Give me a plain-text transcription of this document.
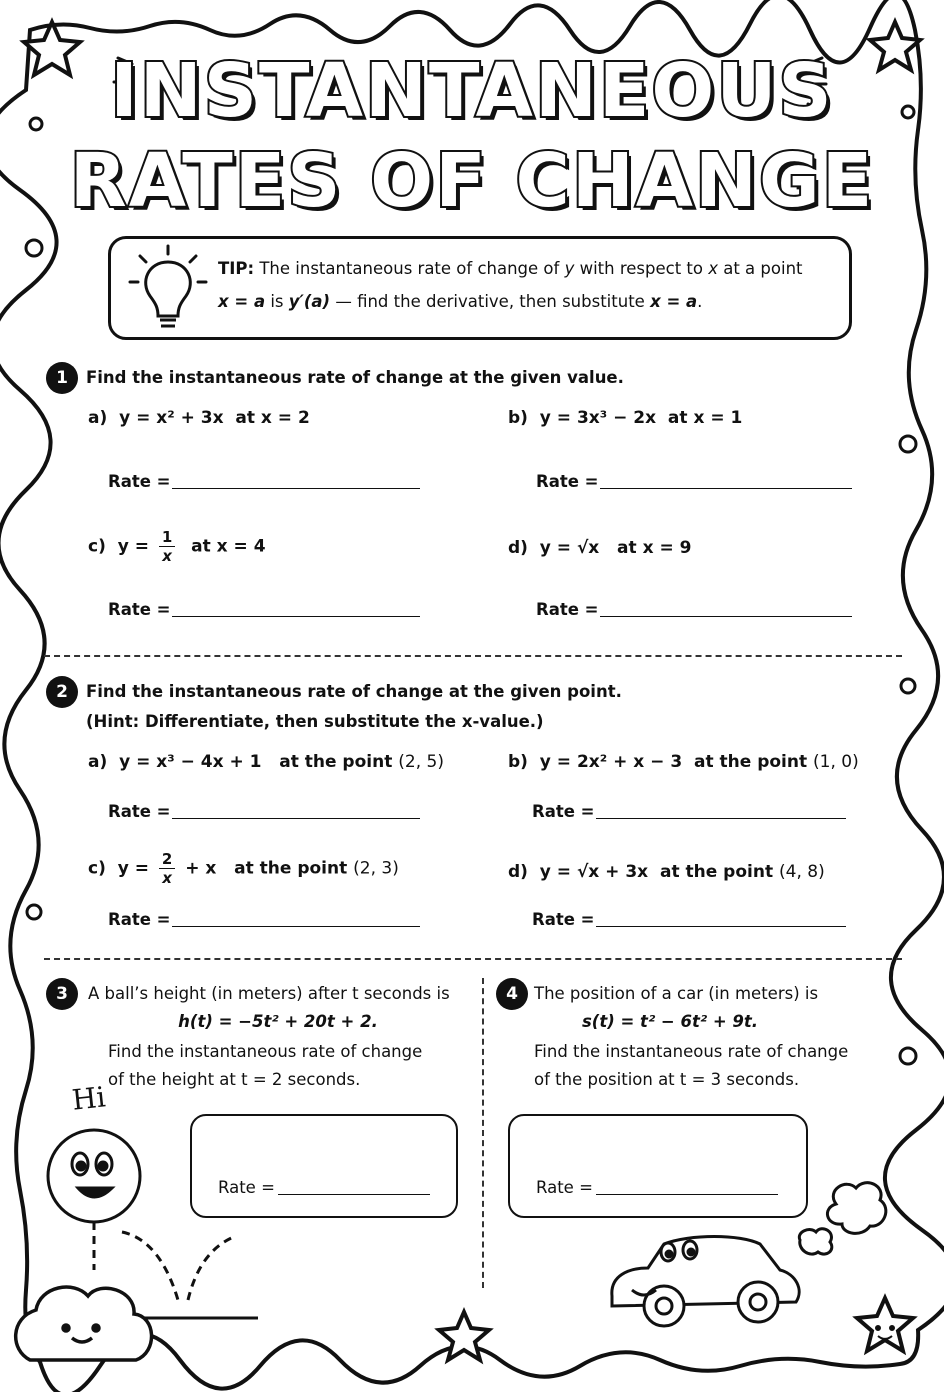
INSTANTANEOUS
RATES OF CHANGE
TIP: The instantaneous rate of change of y with respect to x at a point
x = a is y′(a) — find the derivative, then substitute x = a.
1	Find the instantaneous rate of change at the given value.
a) y = x² + 3x at x = 2	b) y = 3x³ − 2x at x = 1
Rate =	Rate =
c) $y = \frac{1}{x}$ at x = 4	d) y = √x at x = 9
Rate =	Rate =
2	Find the instantaneous rate of change at the given point.
(Hint: Differentiate, then substitute the x-value.)
a) y = x³ − 4x + 1 at the point (2, 5)	b) y = 2x² + x − 3 at the point (1, 0)
Rate =	Rate =
c) $y = \frac{2}{x} + x$ at the point (2, 3)	d) y = √x + 3x at the point (4, 8)
Rate =	Rate =
3	A ball’s height (in meters) after t seconds is
h(t) = −5t² + 20t + 2.
Find the instantaneous rate of change
of the height at t = 2 seconds.
Hi
Rate =
4 The position of a car (in meters) is
s(t) = t² − 6t² + 9t.
Find the instantaneous rate of change
of the position at t = 3 seconds.
Rate =
